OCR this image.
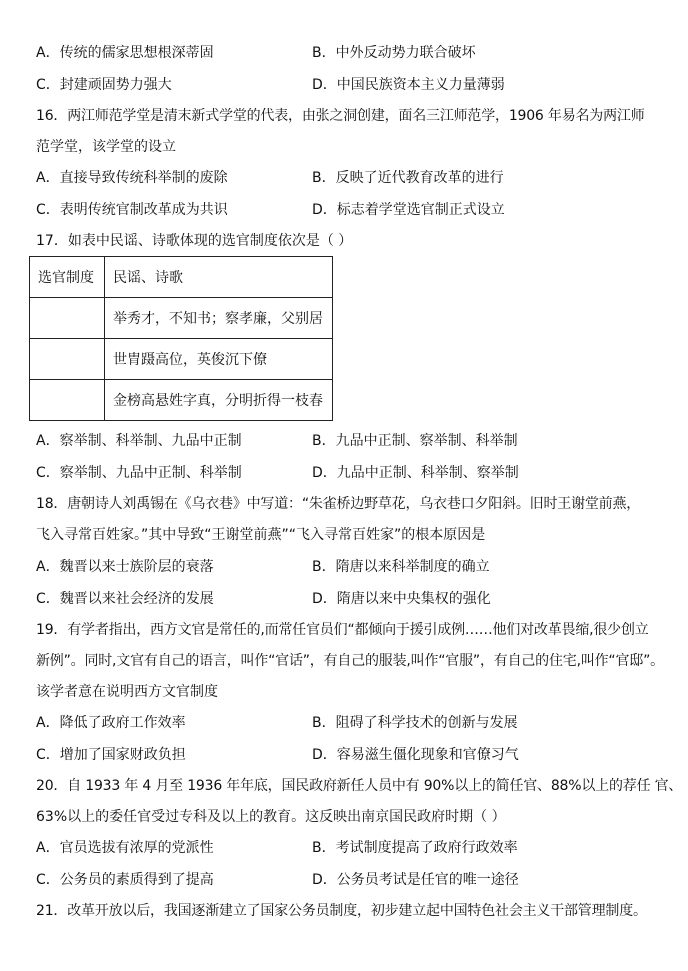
A．传统的儒家思想根深蒂固	B．中外反动势力联合破坏
C．封建顽固势力强大	D．中国民族资本主义力量薄弱
16．两江师范学堂是清末新式学堂的代表，由张之洞创建，面名三江师范学，1906 年易名为两江师
范学堂，该学堂的设立
A．直接导致传统科举制的废除	B．反映了近代教育改革的进行
C．表明传统官制改革成为共识	D．标志着学堂选官制正式设立
17．如表中民谣、诗歌体现的选官制度依次是（ ）
选官制度	民谣、诗歌
	举秀才，不知书；察孝廉，父别居
	世胄蹑高位，英俊沉下僚
	金榜高悬姓字真，分明折得一枝春
A．察举制、科举制、九品中正制	B．九品中正制、察举制、科举制
C．察举制、九品中正制、科举制	D．九品中正制、科举制、察举制
18．唐朝诗人刘禹锡在《乌衣巷》中写道：“朱雀桥边野草花，乌衣巷口夕阳斜。旧时王谢堂前燕，
飞入寻常百姓家。”其中导致“王谢堂前燕”“飞入寻常百姓家”的根本原因是
A．魏晋以来士族阶层的衰落	B．隋唐以来科举制度的确立
C．魏晋以来社会经济的发展	D．隋唐以来中央集权的强化
19．有学者指出，西方文官是常任的,而常任官员们“都倾向于援引成例……他们对改革畏缩,很少创立
新例”。同时,文官有自己的语言，叫作“官话”，有自己的服装,叫作“官服”，有自己的住宅,叫作“官邸”。
该学者意在说明西方文官制度
A．降低了政府工作效率	B．阻碍了科学技术的创新与发展
C．增加了国家财政负担	D．容易滋生僵化现象和官僚习气
20．自 1933 年 4 月至 1936 年年底，国民政府新任人员中有 90%以上的简任官、88%以上的荐任 官、
63%以上的委任官受过专科及以上的教育。这反映出南京国民政府时期（ ）
A．官员选拔有浓厚的党派性	B．考试制度提高了政府行政效率
C．公务员的素质得到了提高	D．公务员考试是任官的唯一途径
21．改革开放以后，我国逐渐建立了国家公务员制度，初步建立起中国特色社会主义干部管理制度。
